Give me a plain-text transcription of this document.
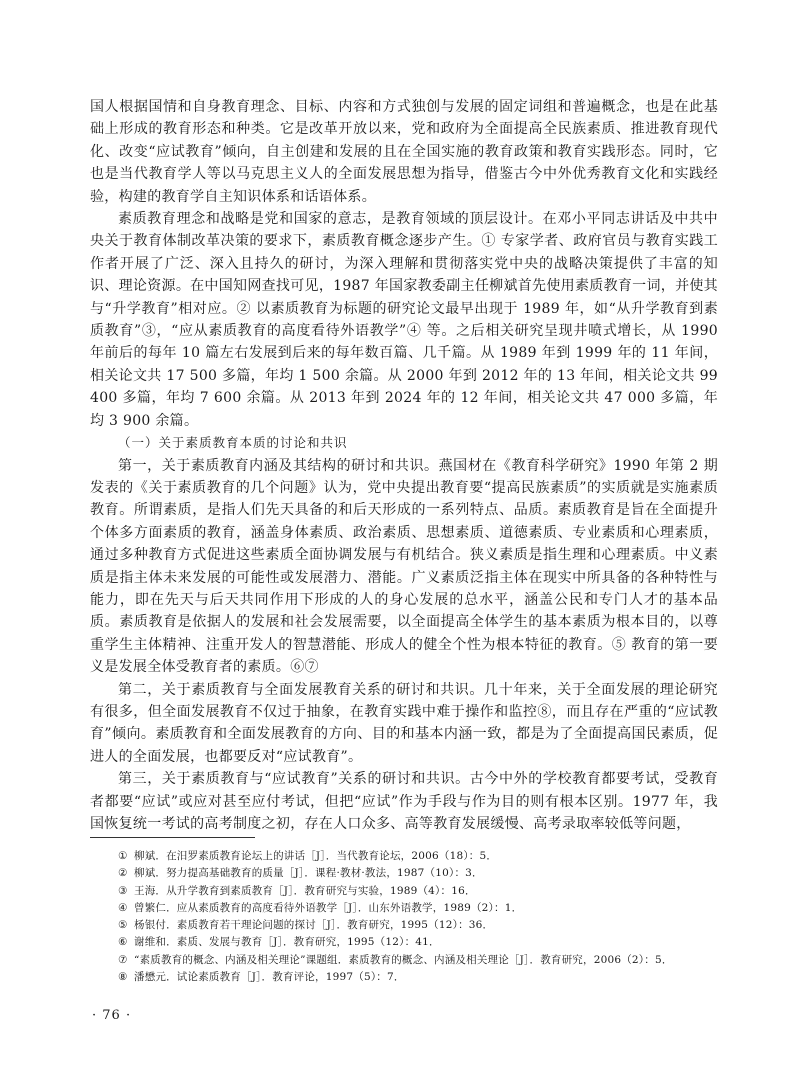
国人根据国情和自身教育理念、目标、内容和方式独创与发展的固定词组和普遍概念，也是在此基础上形成的教育形态和种类。它是改革开放以来，党和政府为全面提高全民族素质、推进教育现代化、改变“应试教育”倾向，自主创建和发展的且在全国实施的教育政策和教育实践形态。同时，它也是当代教育学人等以马克思主义人的全面发展思想为指导，借鉴古今中外优秀教育文化和实践经验，构建的教育学自主知识体系和话语体系。

素质教育理念和战略是党和国家的意志，是教育领域的顶层设计。在邓小平同志讲话及中共中央关于教育体制改革决策的要求下，素质教育概念逐步产生。① 专家学者、政府官员与教育实践工作者开展了广泛、深入且持久的研讨，为深入理解和贯彻落实党中央的战略决策提供了丰富的知识、理论资源。在中国知网查找可见，1987 年国家教委副主任柳斌首先使用素质教育一词，并使其与“升学教育”相对应。② 以素质教育为标题的研究论文最早出现于 1989 年，如“从升学教育到素质教育”③，“应从素质教育的高度看待外语教学”④ 等。之后相关研究呈现井喷式增长，从 1990 年前后的每年 10 篇左右发展到后来的每年数百篇、几千篇。从 1989 年到 1999 年的 11 年间，相关论文共 17 500 多篇，年均 1 500 余篇。从 2000 年到 2012 年的 13 年间，相关论文共 99 400 多篇，年均 7 600 余篇。从 2013 年到 2024 年的 12 年间，相关论文共 47 000 多篇，年均 3 900 余篇。

（一）关于素质教育本质的讨论和共识

第一，关于素质教育内涵及其结构的研讨和共识。燕国材在《教育科学研究》1990 年第 2 期发表的《关于素质教育的几个问题》认为，党中央提出教育要“提高民族素质”的实质就是实施素质教育。所谓素质，是指人们先天具备的和后天形成的一系列特点、品质。素质教育是旨在全面提升个体多方面素质的教育，涵盖身体素质、政治素质、思想素质、道德素质、专业素质和心理素质，通过多种教育方式促进这些素质全面协调发展与有机结合。狭义素质是指生理和心理素质。中义素质是指主体未来发展的可能性或发展潜力、潜能。广义素质泛指主体在现实中所具备的各种特性与能力，即在先天与后天共同作用下形成的人的身心发展的总水平，涵盖公民和专门人才的基本品质。素质教育是依据人的发展和社会发展需要，以全面提高全体学生的基本素质为根本目的，以尊重学生主体精神、注重开发人的智慧潜能、形成人的健全个性为根本特征的教育。⑤ 教育的第一要义是发展全体受教育者的素质。⑥⑦

第二，关于素质教育与全面发展教育关系的研讨和共识。几十年来，关于全面发展的理论研究有很多，但全面发展教育不仅过于抽象，在教育实践中难于操作和监控⑧，而且存在严重的“应试教育”倾向。素质教育和全面发展教育的方向、目的和基本内涵一致，都是为了全面提高国民素质，促进人的全面发展，也都要反对“应试教育”。

第三，关于素质教育与“应试教育”关系的研讨和共识。古今中外的学校教育都要考试，受教育者都要“应试”或应对甚至应付考试，但把“应试”作为手段与作为目的则有根本区别。1977 年，我国恢复统一考试的高考制度之初，存在人口众多、高等教育发展缓慢、高考录取率较低等问题，

① 柳斌．在汨罗素质教育论坛上的讲话［J］．当代教育论坛，2006（18）：5．
② 柳斌．努力提高基础教育的质量［J］．课程·教材·教法，1987（10）：3．
③ 王海．从升学教育到素质教育［J］．教育研究与实验，1989（4）：16．
④ 曾繁仁．应从素质教育的高度看待外语教学［J］．山东外语教学，1989（2）：1．
⑤ 杨银付．素质教育若干理论问题的探讨［J］．教育研究，1995（12）：36．
⑥ 谢维和．素质、发展与教育［J］．教育研究，1995（12）：41．
⑦ “素质教育的概念、内涵及相关理论”课题组．素质教育的概念、内涵及相关理论［J］．教育研究，2006（2）：5．
⑧ 潘懋元．试论素质教育［J］．教育评论，1997（5）：7．
· 76 ·
